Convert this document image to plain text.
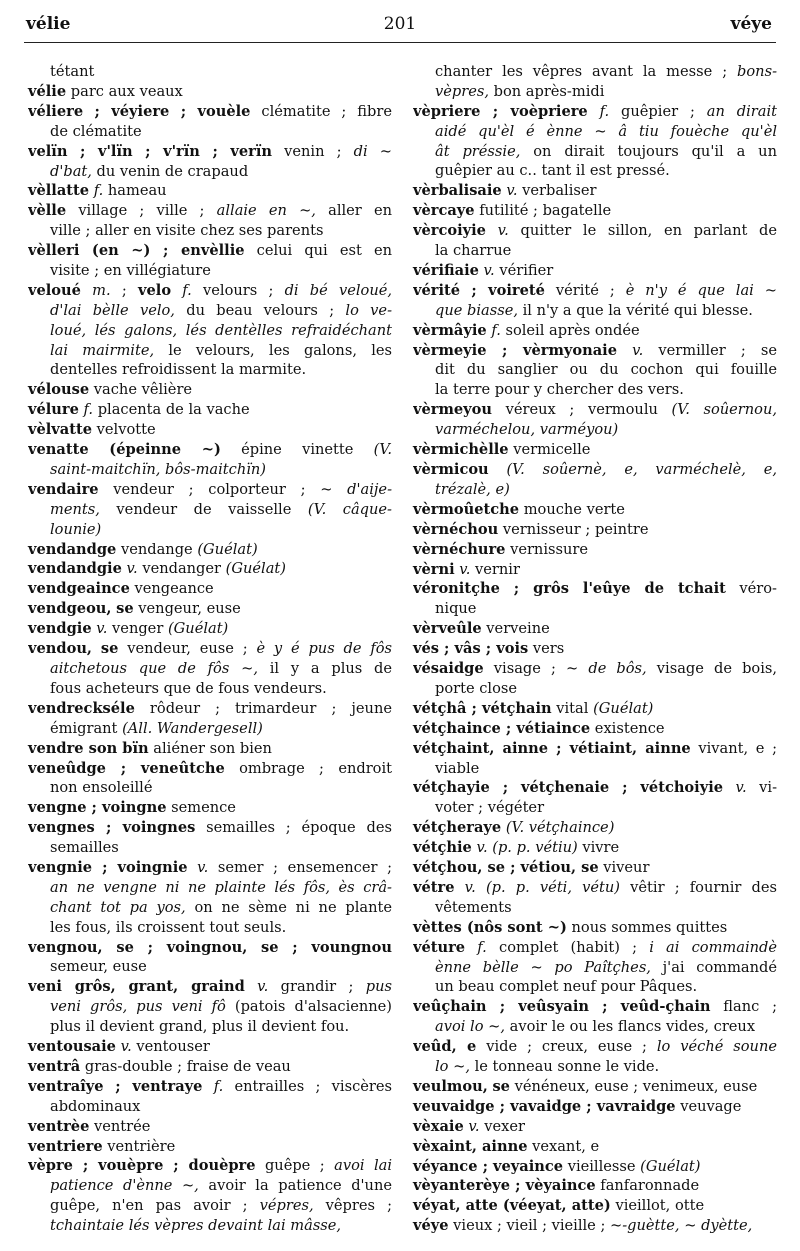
vélie	201	véye
tétant
vélie parc aux veaux
véliere ; véyiere ; vouèle clématite ; fibre
de clématite
velïn ; v'lïn ; v'rïn ; verïn venin ; di ~
d'bat, du venin de crapaud
vèllatte f. hameau
vèlle village ; ville ; allaie en ~, aller en
ville ; aller en visite chez ses parents
vèlleri (en ~) ; envèllie celui qui est en
visite ; en villégiature
veloué m. ; velo f. velours ; di bé veloué,
d'lai bèlle velo, du beau velours ; lo ve-
loué, lés galons, lés dentèlles refraidéchant
lai mairmite, le velours, les galons, les
dentelles refroidissent la marmite.
vélouse vache vêlière
vélure f. placenta de la vache
vèlvatte velvotte
venatte (épeinne ~) épine vinette (V.
saint-maitchïn, bôs-maitchïn)
vendaire vendeur ; colporteur ; ~ d'aije-
ments, vendeur de vaisselle (V. câque-
lounie)
vendandge vendange (Guélat)
vendandgie v. vendanger (Guélat)
vendgeaince vengeance
vendgeou, se vengeur, euse
vendgie v. venger (Guélat)
vendou, se vendeur, euse ; è y é pus de fôs
aitchetous que de fôs ~, il y a plus de
fous acheteurs que de fous vendeurs.
vendreckséle rôdeur ; trimardeur ; jeune
émigrant (All. Wandergesell)
vendre son bïn aliéner son bien
veneûdge ; veneûtche ombrage ; endroit
non ensoleillé
vengne ; voingne semence
vengnes ; voingnes semailles ; époque des
semailles
vengnie ; voingnie v. semer ; ensemencer ;
an ne vengne ni ne plainte lés fôs, ès crâ-
chant tot pa yos, on ne sème ni ne plante
les fous, ils croissent tout seuls.
vengnou, se ; voingnou, se ; voungnou
semeur, euse
veni grôs, grant, graind v. grandir ; pus
veni grôs, pus veni fô (patois d'alsacienne)
plus il devient grand, plus il devient fou.
ventousaie v. ventouser
ventrâ gras-double ; fraise de veau
ventraîye ; ventraye f. entrailles ; viscères
abdominaux
ventrèe ventrée
ventriere ventrière
vèpre ; vouèpre ; douèpre guêpe ; avoi lai
patience d'ènne ~, avoir la patience d'une
guêpe, n'en pas avoir ; vépres, vêpres ;
tchaintaie lés vèpres devaint lai mâsse,
chanter les vêpres avant la messe ; bons-
vèpres, bon après-midi
vèpriere ; voèpriere f. guêpier ; an dirait
aidé qu'èl é ènne ~ â tiu fouèche qu'èl
ât préssie, on dirait toujours qu'il a un
guêpier au c.. tant il est pressé.
vèrbalisaie v. verbaliser
vèrcaye futilité ; bagatelle
vèrcoiyie v. quitter le sillon, en parlant de
la charrue
vérifiaie v. vérifier
vérité ; voireté vérité ; è n'y é que lai ~
que biasse, il n'y a que la vérité qui blesse.
vèrmâyie f. soleil après ondée
vèrmeyie ; vèrmyonaie v. vermiller ; se
dit du sanglier ou du cochon qui fouille
la terre pour y chercher des vers.
vèrmeyou véreux ; vermoulu (V. soûernou,
varméchelou, varméyou)
vèrmichèlle vermicelle
vèrmicou (V. soûernè, e, varméchelè, e,
trézalè, e)
vèrmoûetche mouche verte
vèrnéchou vernisseur ; peintre
vèrnéchure vernissure
vèrni v. vernir
véronitçhe ; grôs l'eûye de tchait véro-
nique
vèrveûle verveine
vés ; vâs ; vois vers
vésaidge visage ; ~ de bôs, visage de bois,
porte close
vétçhâ ; vétçhain vital (Guélat)
vétçhaince ; vétiaince existence
vétçhaint, ainne ; vétiaint, ainne vivant, e ;
viable
vétçhayie ; vétçhenaie ; vétchoiyie v. vi-
voter ; végéter
vétçheraye (V. vétçhaince)
vétçhie v. (p. p. vétiu) vivre
vétçhou, se ; vétiou, se viveur
vétre v. (p. p. véti, vétu) vêtir ; fournir des
vêtements
vèttes (nôs sont ~) nous sommes quittes
véture f. complet (habit) ; i ai commaindè
ènne bèlle ~ po Paîtçhes, j'ai commandé
un beau complet neuf pour Pâques.
veûçhain ; veûsyain ; veûd-çhain flanc ;
avoi lo ~, avoir le ou les flancs vides, creux
veûd, e vide ; creux, euse ; lo véché soune
lo ~, le tonneau sonne le vide.
veulmou, se vénéneux, euse ; venimeux, euse
veuvaidge ; vavaidge ; vavraidge veuvage
vèxaie v. vexer
vèxaint, ainne vexant, e
véyance ; veyaince vieillesse (Guélat)
vèyanterèye ; vèyaince fanfaronnade
véyat, atte (véeyat, atte) vieillot, otte
véye vieux ; vieil ; vieille ; ~-guètte, ~ dyètte,
